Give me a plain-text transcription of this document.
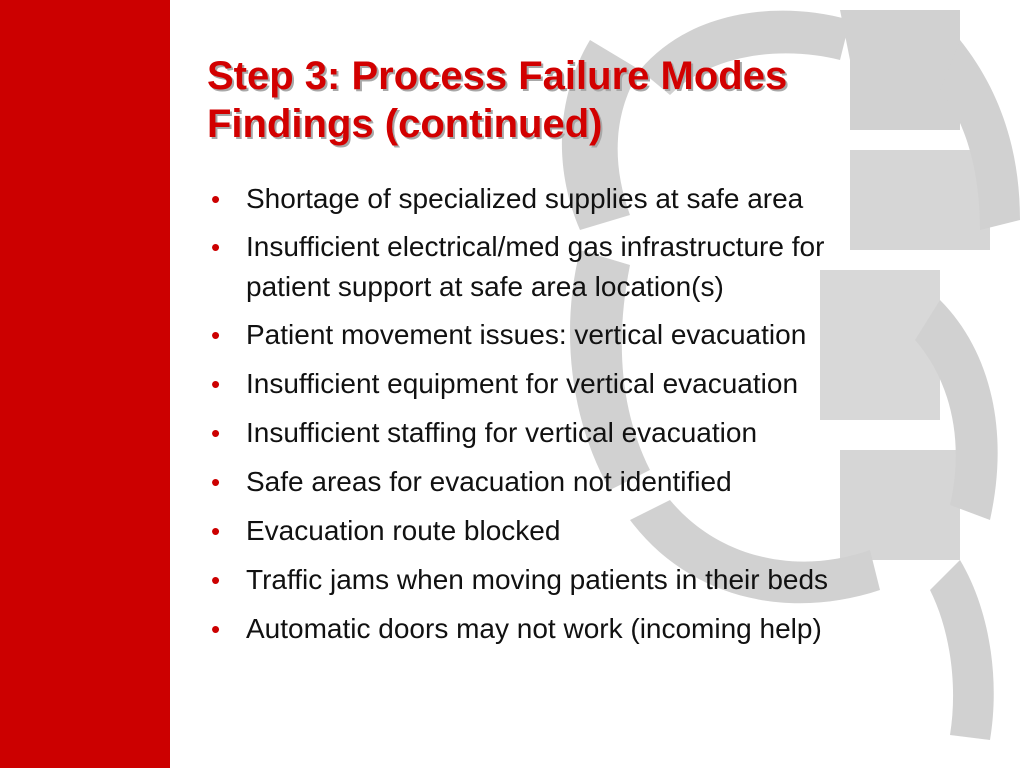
Step 3: Process Failure Modes
Findings (continued)
• Shortage of specialized supplies at safe area
• Insufficient electrical/med gas infrastructure for
patient support at safe area location(s)
• Patient movement issues: vertical evacuation
• Insufficient equipment for vertical evacuation
• Insufficient staffing for vertical evacuation
• Safe areas for evacuation not identified
• Evacuation route blocked
• Traffic jams when moving patients in their beds
• Automatic doors may not work (incoming help)
